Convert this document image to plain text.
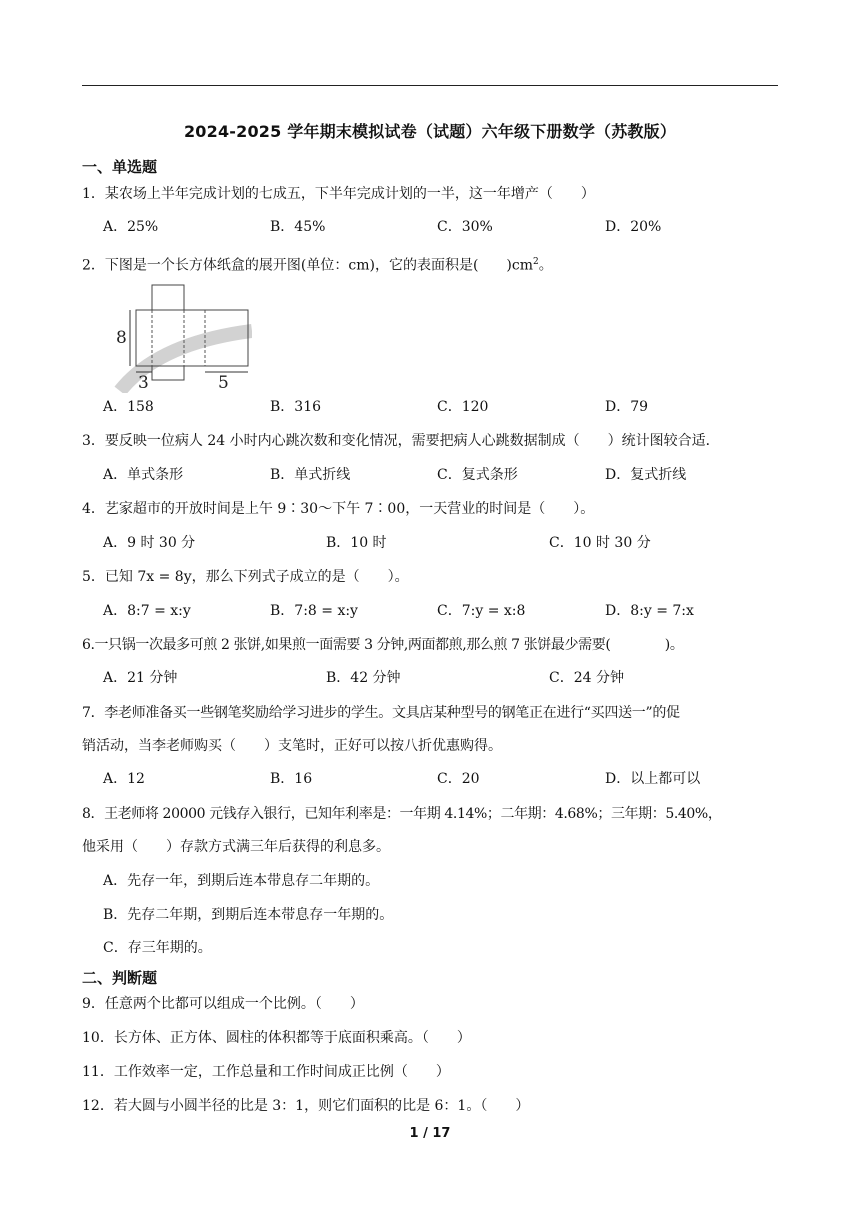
2024-2025 学年期末模拟试卷（试题）六年级下册数学（苏教版）
一、单选题
1．某农场上半年完成计划的七成五，下半年完成计划的一半，这一年增产（　　）
A．25%	B．45%	C．30%	D．20%
2．下图是一个长方体纸盒的展开图(单位：cm)，它的表面积是(　　)$cm^2$。
8
3	5
A．158	B．316	C．120	D．79
3．要反映一位病人 24 小时内心跳次数和变化情况，需要把病人心跳数据制成（　　）统计图较合适．
A．单式条形	B．单式折线	C．复式条形	D．复式折线
4．艺家超市的开放时间是上午 9∶30～下午 7∶00，一天营业的时间是（　　）。
A．9 时 30 分	B．10 时	C．10 时 30 分
5．已知 7x = 8y，那么下列式子成立的是（　　）。
A．8:7 = x:y	B．7:8 = x:y	C．7:y = x:8	D．8:y = 7:x
6.一只锅一次最多可煎 2 张饼,如果煎一面需要 3 分钟,两面都煎,那么煎 7 张饼最少需要(　　　　)。
A．21 分钟	B．42 分钟	C．24 分钟
7．李老师准备买一些钢笔奖励给学习进步的学生。文具店某种型号的钢笔正在进行“买四送一”的促
销活动，当李老师购买（　　）支笔时，正好可以按八折优惠购得。
A．12	B．16	C．20	D．以上都可以
8．王老师将 20000 元钱存入银行，已知年利率是：一年期 4.14%；二年期：4.68%；三年期：5.40%，
他采用（　　）存款方式满三年后获得的利息多。
A．先存一年，到期后连本带息存二年期的。
B．先存二年期，到期后连本带息存一年期的。
C．存三年期的。
二、判断题
9．任意两个比都可以组成一个比例。（　　）
10．长方体、正方体、圆柱的体积都等于底面积乘高。（　　）
11．工作效率一定，工作总量和工作时间成正比例（　　）
12．若大圆与小圆半径的比是 3：1，则它们面积的比是 6：1。（　　）
1 / 17
